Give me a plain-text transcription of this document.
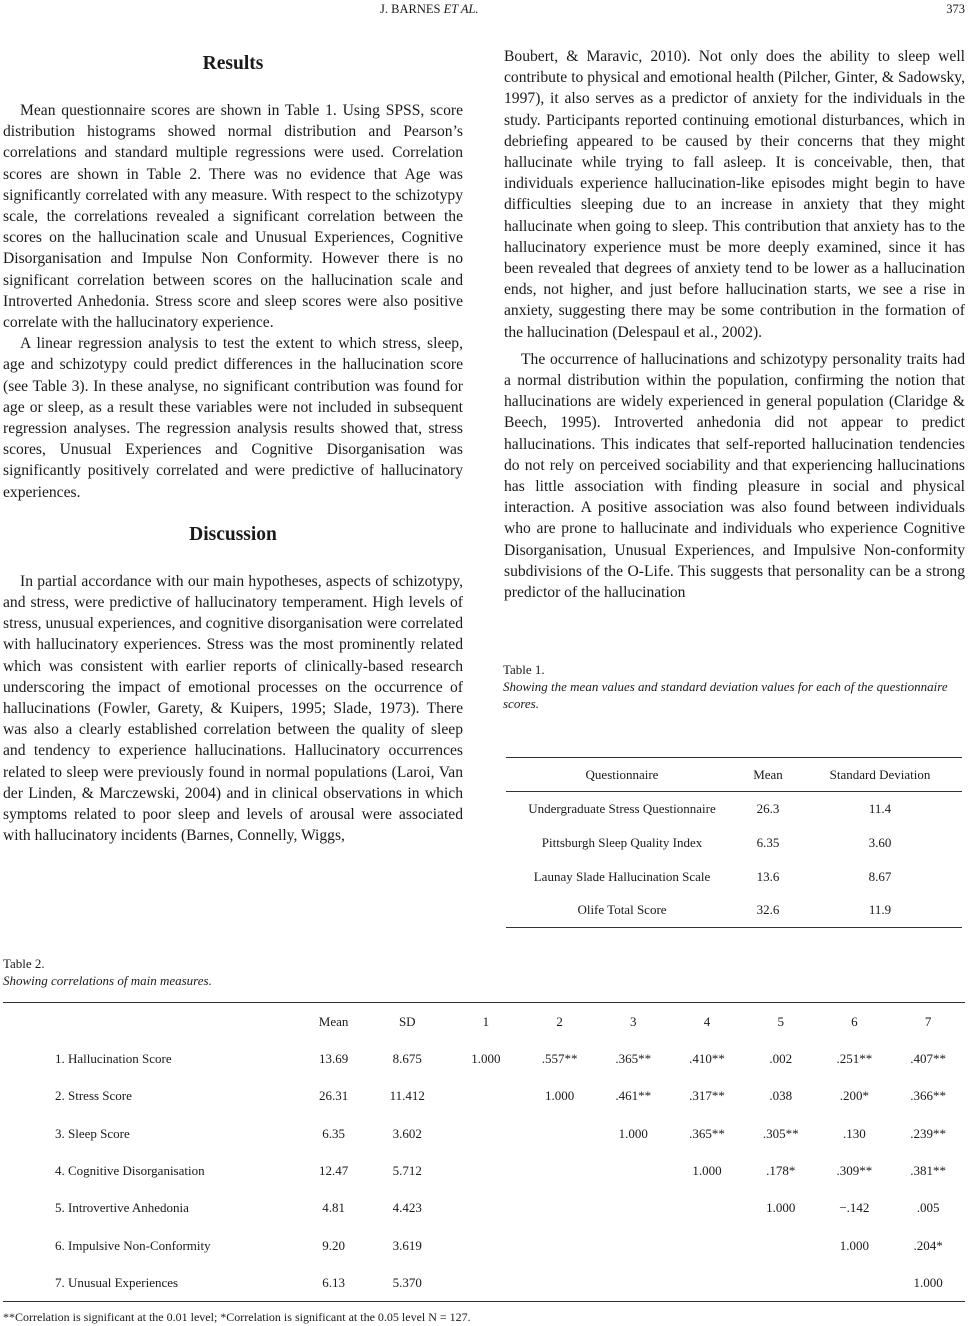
J. BARNES ET AL.	373
Results

Mean questionnaire scores are shown in Table 1. Using SPSS, score distribution histograms showed normal distribution and Pearson’s correlations and standard multiple regressions were used. Correlation scores are shown in Table 2. There was no evidence that Age was significantly correlated with any measure. With respect to the schizotypy scale, the correlations revealed a significant correlation between the scores on the hallucination scale and Unusual Experiences, Cognitive Disorganisation and Impulse Non Conformity. However there is no significant correlation between scores on the hallucination scale and Introverted Anhedonia. Stress score and sleep scores were also positive correlate with the hallucinatory experience.

A linear regression analysis to test the extent to which stress, sleep, age and schizotypy could predict differences in the hallucination score (see Table 3). In these analyse, no significant contribution was found for age or sleep, as a result these variables were not included in subsequent regression analyses. The regression analysis results showed that, stress scores, Unusual Experiences and Cognitive Disorganisation was significantly positively correlated and were predictive of hallucinatory experiences.

Discussion

In partial accordance with our main hypotheses, aspects of schizotypy, and stress, were predictive of hallucinatory temperament. High levels of stress, unusual experiences, and cognitive disorganisation were correlated with hallucinatory experiences. Stress was the most prominently related which was consistent with earlier reports of clinically-based research underscoring the impact of emotional processes on the occurrence of hallucinations (Fowler, Garety, & Kuipers, 1995; Slade, 1973). There was also a clearly established correlation between the quality of sleep and tendency to experience hallucinations. Hallucinatory occurrences related to sleep were previously found in normal populations (Laroi, Van der Linden, & Marczewski, 2004) and in clinical observations in which symptoms related to poor sleep and levels of arousal were associated with hallucinatory incidents (Barnes, Connelly, Wiggs,

Boubert, & Maravic, 2010). Not only does the ability to sleep well contribute to physical and emotional health (Pilcher, Ginter, & Sadowsky, 1997), it also serves as a predictor of anxiety for the individuals in the study. Participants reported continuing emotional disturbances, which in debriefing appeared to be caused by their concerns that they might hallucinate while trying to fall asleep. It is conceivable, then, that individuals experience hallucination-like episodes might begin to have difficulties sleeping due to an increase in anxiety that they might hallucinate when going to sleep. This contribution that anxiety has to the hallucinatory experience must be more deeply examined, since it has been revealed that degrees of anxiety tend to be lower as a hallucination ends, not higher, and just before hallucination starts, we see a rise in anxiety, suggesting there may be some contribution in the formation of the hallucination (Delespaul et al., 2002).

The occurrence of hallucinations and schizotypy personality traits had a normal distribution within the population, confirming the notion that hallucinations are widely experienced in general population (Claridge & Beech, 1995). Introverted anhedonia did not appear to predict hallucinations. This indicates that self-reported hallucination tendencies do not rely on perceived sociability and that experiencing hallucinations has little association with finding pleasure in social and physical interaction. A positive association was also found between individuals who are prone to hallucinate and individuals who experience Cognitive Disorganisation, Unusual Experiences, and Impulsive Non-conformity subdivisions of the O-Life. This suggests that personality can be a strong predictor of the hallucination

Table 1.

Showing the mean values and standard deviation values for each of the questionnaire scores.

Questionnaire	Mean	Standard Deviation
Undergraduate Stress Questionnaire	26.3	11.4
Pittsburgh Sleep Quality Index	6.35	3.60
Launay Slade Hallucination Scale	13.6	8.67
Olife Total Score	32.6	11.9

Table 2.

Showing correlations of main measures.

	Mean	SD	1	2	3	4	5	6	7
1. Hallucination Score	13.69	8.675	1.000	.557**	.365**	.410**	.002	.251**	.407**
2. Stress Score	26.31	11.412		1.000	.461**	.317**	.038	.200*	.366**
3. Sleep Score	6.35	3.602			1.000	.365**	.305**	.130	.239**
4. Cognitive Disorganisation	12.47	5.712				1.000	.178*	.309**	.381**
5. Introvertive Anhedonia	4.81	4.423					1.000	−.142	.005
6. Impulsive Non-Conformity	9.20	3.619						1.000	.204*
7. Unusual Experiences	6.13	5.370							1.000
**Correlation is significant at the 0.01 level; *Correlation is significant at the 0.05 level N = 127.
